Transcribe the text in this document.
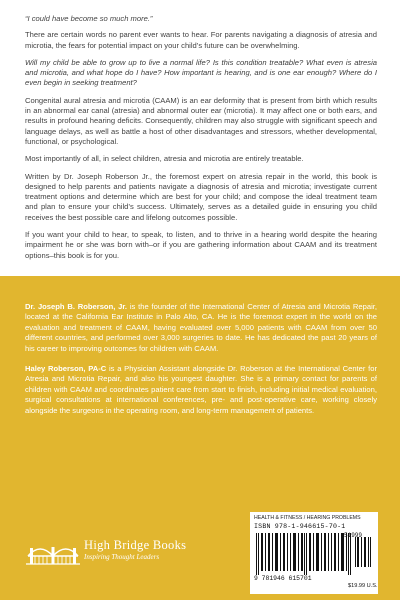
“I could have become so much more.”

There are certain words no parent ever wants to hear. For parents navigating a diagnosis of atresia and microtia, the fears for potential impact on your child’s future can be overwhelming.

Will my child be able to grow up to live a normal life? Is this condition treatable? What even is atresia and microtia, and what hope do I have? How important is hearing, and is one ear enough? Where do I even begin in seeking treatment?

Congenital aural atresia and microtia (CAAM) is an ear deformity that is present from birth which results in an abnormal ear canal (atresia) and abnormal outer ear (microtia). It may affect one or both ears, and results in profound hearing deficits. Consequently, children may also struggle with significant speech and language delays, as well as battle a host of other disadvantages and stressors, whether developmental, functional, or psychological.

Most importantly of all, in select children, atresia and microtia are entirely treatable.

Written by Dr. Joseph Roberson Jr., the foremost expert on atresia repair in the world, this book is designed to help parents and patients navigate a diagnosis of atresia and microtia; investigate current treatment options and determine which are best for your child; and compose the ideal treatment team and plan to ensure your child’s success. Ultimately, serves as a detailed guide in ensuring you child receives the best possible care and lifelong outcomes possible.

If you want your child to hear, to speak, to listen, and to thrive in a hearing world despite the hearing impairment he or she was born with–or if you are gathering information about CAAM and its treatment options–this book is for you.

Dr. Joseph B. Roberson, Jr. is the founder of the International Center of Atresia and Microtia Repair, located at the California Ear Institute in Palo Alto, CA. He is the foremost expert in the world on the evaluation and treatment of CAAM, having evaluated over 5,000 patients with CAAM from over 50 different countries, and performed over 3,000 surgeries to date. He has dedicated the past 20 years of his career to improving outcomes for children with CAAM.

Haley Roberson, PA-C is a Physician Assistant alongside Dr. Roberson at the International Center for Atresia and Microtia Repair, and also his youngest daughter. She is a primary contact for parents of children with CAAM and coordinates patient care from start to finish, including initial medical evaluation, surgical consultations at international conferences, pre- and post-operative care, working closely alongside the surgeons in the operating room, and long-term management of patients.

High Bridge Books
Inspiring Thought Leaders
HEALTH & FITNESS / HEARING PROBLEMS
ISBN 978-1-946615-70-1
51999
9 781946 615701
$19.99 U.S.
